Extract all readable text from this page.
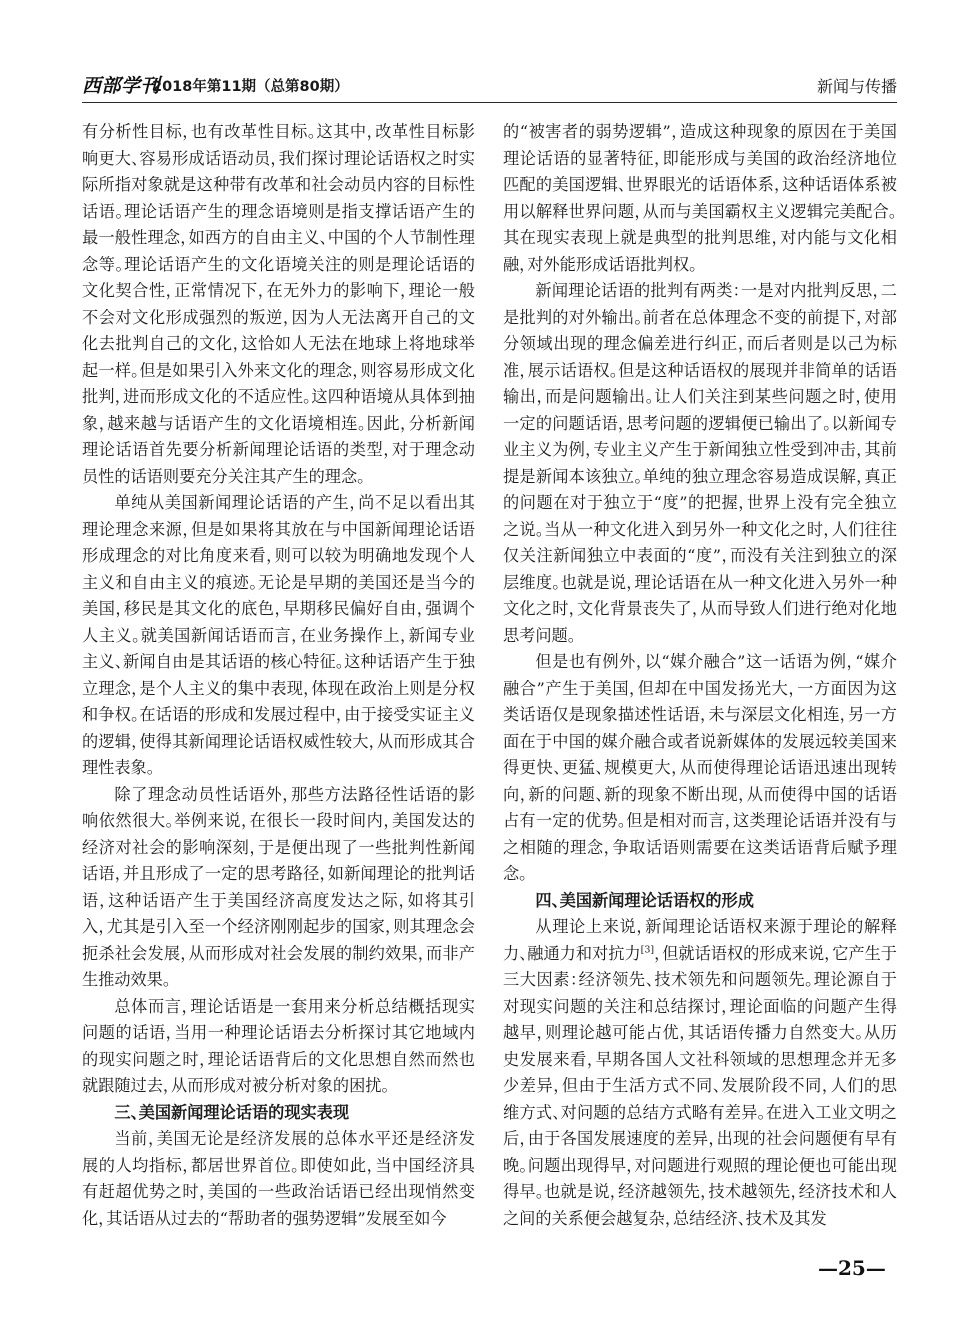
西部学刊
2018年第11期（总第80期）	新闻与传播

有分析性目标，也有改革性目标。这其中，改革性目标影响更大、容易形成话语动员，我们探讨理论话语权之时实际所指对象就是这种带有改革和社会动员内容的目标性话语。理论话语产生的理念语境则是指支撑话语产生的最一般性理念，如西方的自由主义、中国的个人节制性理念等。理论话语产生的文化语境关注的则是理论话语的文化契合性，正常情况下，在无外力的影响下，理论一般不会对文化形成强烈的叛逆，因为人无法离开自己的文化去批判自己的文化，这恰如人无法在地球上将地球举起一样。但是如果引入外来文化的理念，则容易形成文化批判，进而形成文化的不适应性。这四种语境从具体到抽象，越来越与话语产生的文化语境相连。因此，分析新闻理论话语首先要分析新闻理论话语的类型，对于理念动员性的话语则要充分关注其产生的理念。

单纯从美国新闻理论话语的产生，尚不足以看出其理论理念来源，但是如果将其放在与中国新闻理论话语形成理念的对比角度来看，则可以较为明确地发现个人主义和自由主义的痕迹。无论是早期的美国还是当今的美国，移民是其文化的底色，早期移民偏好自由，强调个人主义。就美国新闻话语而言，在业务操作上，新闻专业主义、新闻自由是其话语的核心特征。这种话语产生于独立理念，是个人主义的集中表现，体现在政治上则是分权和争权。在话语的形成和发展过程中，由于接受实证主义的逻辑，使得其新闻理论话语权威性较大，从而形成其合理性表象。

除了理念动员性话语外，那些方法路径性话语的影响依然很大。举例来说，在很长一段时间内，美国发达的经济对社会的影响深刻，于是便出现了一些批判性新闻话语，并且形成了一定的思考路径，如新闻理论的批判话语，这种话语产生于美国经济高度发达之际，如将其引入，尤其是引入至一个经济刚刚起步的国家，则其理念会扼杀社会发展，从而形成对社会发展的制约效果，而非产生推动效果。

总体而言，理论话语是一套用来分析总结概括现实问题的话语，当用一种理论话语去分析探讨其它地域内的现实问题之时，理论话语背后的文化思想自然而然也就跟随过去，从而形成对被分析对象的困扰。

三、美国新闻理论话语的现实表现

当前，美国无论是经济发展的总体水平还是经济发展的人均指标，都居世界首位。即使如此，当中国经济具有赶超优势之时，美国的一些政治话语已经出现悄然变化，其话语从过去的“帮助者的强势逻辑”发展至如今

的“被害者的弱势逻辑”，造成这种现象的原因在于美国理论话语的显著特征，即能形成与美国的政治经济地位匹配的美国逻辑、世界眼光的话语体系，这种话语体系被用以解释世界问题，从而与美国霸权主义逻辑完美配合。其在现实表现上就是典型的批判思维，对内能与文化相融，对外能形成话语批判权。

新闻理论话语的批判有两类：一是对内批判反思，二是批判的对外输出。前者在总体理念不变的前提下，对部分领域出现的理念偏差进行纠正，而后者则是以己为标准，展示话语权。但是这种话语权的展现并非简单的话语输出，而是问题输出。让人们关注到某些问题之时，使用一定的问题话语，思考问题的逻辑便已输出了。以新闻专业主义为例，专业主义产生于新闻独立性受到冲击，其前提是新闻本该独立。单纯的独立理念容易造成误解，真正的问题在对于独立于“度”的把握，世界上没有完全独立之说。当从一种文化进入到另外一种文化之时，人们往往仅关注新闻独立中表面的“度”，而没有关注到独立的深层维度。也就是说，理论话语在从一种文化进入另外一种文化之时，文化背景丧失了，从而导致人们进行绝对化地思考问题。

但是也有例外，以“媒介融合”这一话语为例，“媒介融合”产生于美国，但却在中国发扬光大，一方面因为这类话语仅是现象描述性话语，未与深层文化相连，另一方面在于中国的媒介融合或者说新媒体的发展远较美国来得更快、更猛、规模更大，从而使得理论话语迅速出现转向，新的问题、新的现象不断出现，从而使得中国的话语占有一定的优势。但是相对而言，这类理论话语并没有与之相随的理念，争取话语则需要在这类话语背后赋予理念。

四、美国新闻理论话语权的形成

从理论上来说，新闻理论话语权来源于理论的解释力、融通力和对抗力[3]，但就话语权的形成来说，它产生于三大因素：经济领先、技术领先和问题领先。理论源自于对现实问题的关注和总结探讨，理论面临的问题产生得越早，则理论越可能占优，其话语传播力自然变大。从历史发展来看，早期各国人文社科领域的思想理念并无多少差异，但由于生活方式不同、发展阶段不同，人们的思维方式、对问题的总结方式略有差异。在进入工业文明之后，由于各国发展速度的差异，出现的社会问题便有早有晚。问题出现得早，对问题进行观照的理论便也可能出现得早。也就是说，经济越领先，技术越领先，经济技术和人之间的关系便会越复杂，总结经济、技术及其发

—25—
